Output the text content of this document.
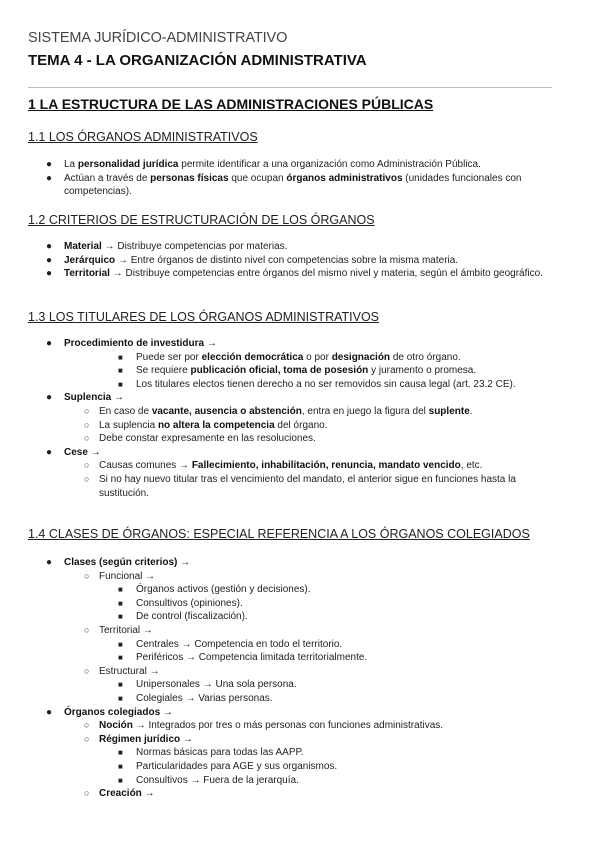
SISTEMA JURÍDICO-ADMINISTRATIVO
TEMA 4 - LA ORGANIZACIÓN ADMINISTRATIVA
1 LA ESTRUCTURA DE LAS ADMINISTRACIONES PÚBLICAS
1.1 LOS ÓRGANOS ADMINISTRATIVOS
● La personalidad jurídica permite identificar a una organización como Administración Pública.
● Actúan a través de personas físicas que ocupan órganos administrativos (unidades funcionales con competencias).
1.2 CRITERIOS DE ESTRUCTURACIÓN DE LOS ÓRGANOS
● Material → Distribuye competencias por materias.
● Jerárquico → Entre órganos de distinto nivel con competencias sobre la misma materia.
● Territorial → Distribuye competencias entre órganos del mismo nivel y materia, según el ámbito geográfico.
1.3 LOS TITULARES DE LOS ÓRGANOS ADMINISTRATIVOS
● Procedimiento de investidura →
■ Puede ser por elección democrática o por designación de otro órgano.
■ Se requiere publicación oficial, toma de posesión y juramento o promesa.
■ Los titulares electos tienen derecho a no ser removidos sin causa legal (art. 23.2 CE).
● Suplencia →
○ En caso de vacante, ausencia o abstención, entra en juego la figura del suplente.
○ La suplencia no altera la competencia del órgano.
○ Debe constar expresamente en las resoluciones.
● Cese →
○ Causas comunes → Fallecimiento, inhabilitación, renuncia, mandato vencido, etc.
○ Si no hay nuevo titular tras el vencimiento del mandato, el anterior sigue en funciones hasta la sustitución.
1.4 CLASES DE ÓRGANOS: ESPECIAL REFERENCIA A LOS ÓRGANOS COLEGIADOS
● Clases (según criterios) →
○ Funcional →
■ Órganos activos (gestión y decisiones).
■ Consultivos (opiniones).
■ De control (fiscalización).
○ Territorial →
■ Centrales → Competencia en todo el territorio.
■ Periféricos → Competencia limitada territorialmente.
○ Estructural →
■ Unipersonales → Una sola persona.
■ Colegiales → Varias personas.
● Órganos colegiados →
○ Noción → Integrados por tres o más personas con funciones administrativas.
○ Régimen jurídico →
■ Normas básicas para todas las AAPP.
■ Particularidades para AGE y sus organismos.
■ Consultivos → Fuera de la jerarquía.
○ Creación →
